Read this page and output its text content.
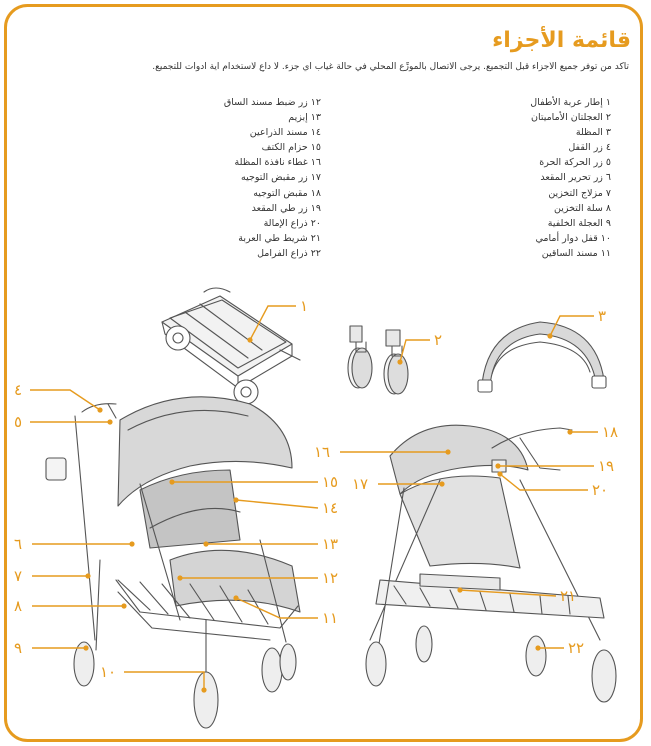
قائمة الأجزاء
تأكد من توفر جميع الأجزاء قبل التجميع. يرجى الاتصال بالموزِّع المحلي في حالة غياب أي جزء. لا داعٍ لاستخدام أية أدوات للتجميع.
١ إطار عربة الأطفال
٢ العجلتان الأماميتان
٣ المظلة
٤ زر القفل
٥ زر الحركة الحرة
٦ زر تحرير المقعد
٧ مزلاج التخزين
٨ سلة التخزين
٩ العجلة الخلفية
١٠ قفل دوار أمامي
١١ مسند الساقين
١٢ زر ضبط مسند الساق
١٣ إبزيم
١٤ مسند الذراعين
١٥ حزام الكتف
١٦ غطاء نافذة المظلة
١٧ زر مقبض التوجيه
١٨ مقبض التوجيه
١٩ زر طي المقعد
٢٠ ذراع الإمالة
٢١ شريط طي العربة
٢٢ ذراع الفرامل
١
٢
٣
٤
٥
٦
٧
٨
٩
١٠
١١
١٢
١٣
١٤
١٥
١٦
١٧
١٨
١٩
٢٠
٢١
٢٢
